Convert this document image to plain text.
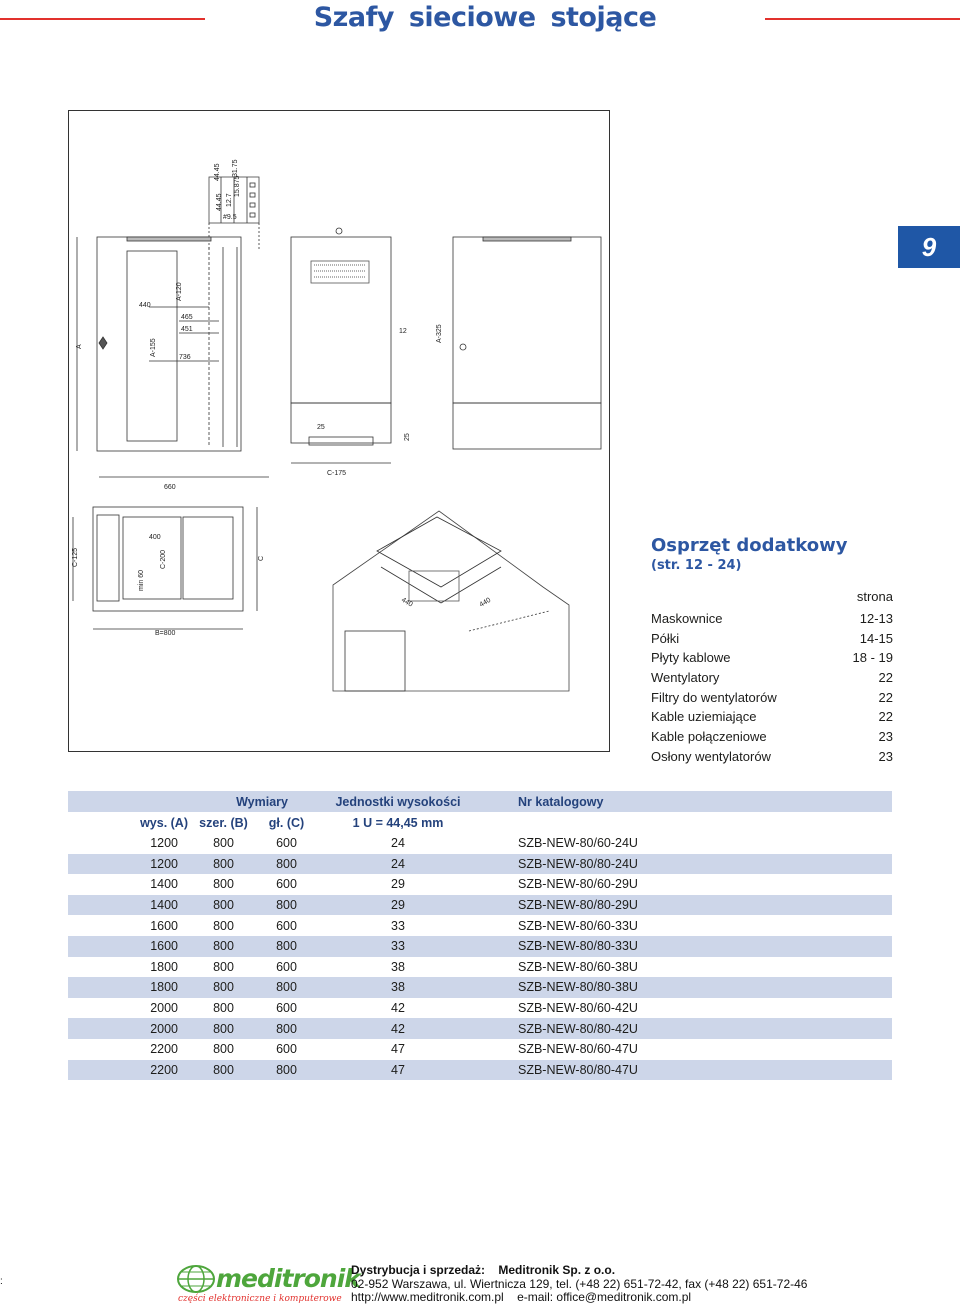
Szafy sieciowe stojące
9
44.45
44.45
12.7
#9.5
15.875
31.75
A
440
A-120
465
451
A-155
736
660
12
25
25
C-175
A-325
C-125
400
C-200
min 60
C
B=800
440	440
Osprzęt dodatkowy
(str. 12 - 24)
strona
Maskownice	12-13
Półki	14-15
Płyty kablowe	18 - 19
Wentylatory	22
Filtry do wentylatorów	22
Kable uziemiające	22
Kable połączeniowe	23
Osłony wentylatorów	23
Wymiary			Jednostki wysokości	Nr katalogowy
wys. (A)	szer. (B)	gł. (C)	1 U = 44,45 mm	
1200	800	600	24	SZB-NEW-80/60-24U
1200	800	800	24	SZB-NEW-80/80-24U
1400	800	600	29	SZB-NEW-80/60-29U
1400	800	800	29	SZB-NEW-80/80-29U
1600	800	600	33	SZB-NEW-80/60-33U
1600	800	800	33	SZB-NEW-80/80-33U
1800	800	600	38	SZB-NEW-80/60-38U
1800	800	800	38	SZB-NEW-80/80-38U
2000	800	600	42	SZB-NEW-80/60-42U
2000	800	800	42	SZB-NEW-80/80-42U
2200	800	600	47	SZB-NEW-80/60-47U
2200	800	800	47	SZB-NEW-80/80-47U
:	meditronik
części elektroniczne i komputerowe
Dystrybucja i sprzedaż: Meditronik Sp. z o.o.
02-952 Warszawa, ul. Wiertnicza 129, tel. (+48 22) 651-72-42, fax (+48 22) 651-72-46
http://www.meditronik.com.pl e-mail: office@meditronik.com.pl
